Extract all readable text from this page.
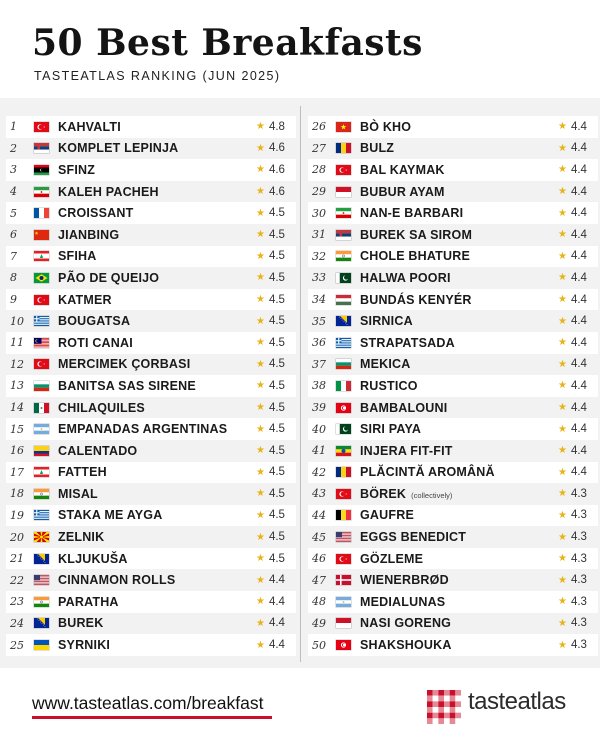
50 Best Breakfasts
TASTEATLAS RANKING (JUN 2025)
1	KAHVALTI	★ 4.8
2	KOMPLET LEPINJA	★ 4.6
3	SFINZ	★ 4.6
4	KALEH PACHEH	★ 4.6
5	CROISSANT	★ 4.5
6	JIANBING	★ 4.5
7	SFIHA	★ 4.5
8	PÃO DE QUEIJO	★ 4.5
9	KATMER	★ 4.5
10	BOUGATSA	★ 4.5
11	ROTI CANAI	★ 4.5
12	MERCIMEK ÇORBASI	★ 4.5
13	BANITSA SAS SIRENE	★ 4.5
14	CHILAQUILES	★ 4.5
15	EMPANADAS ARGENTINAS	★ 4.5
16	CALENTADO	★ 4.5
17	FATTEH	★ 4.5
18	MISAL	★ 4.5
19	STAKA ME AYGA	★ 4.5
20	ZELNIK	★ 4.5
21	KLJUKUŠA	★ 4.5
22	CINNAMON ROLLS	★ 4.4
23	PARATHA	★ 4.4
24	BUREK	★ 4.4
25	SYRNIKI	★ 4.4
26	BÒ KHO	★ 4.4
27	BULZ	★ 4.4
28	BAL KAYMAK	★ 4.4
29	BUBUR AYAM	★ 4.4
30	NAN-E BARBARI	★ 4.4
31	BUREK SA SIROM	★ 4.4
32	CHOLE BHATURE	★ 4.4
33	HALWA POORI	★ 4.4
34	BUNDÁS KENYÉR	★ 4.4
35	SIRNICA	★ 4.4
36	STRAPATSADA	★ 4.4
37	MEKICA	★ 4.4
38	RUSTICO	★ 4.4
39	BAMBALOUNI	★ 4.4
40	SIRI PAYA	★ 4.4
41	INJERA FIT-FIT	★ 4.4
42	PLĂCINTĂ AROMÂNĂ	★ 4.4
43	BÖREK (collectively)	★ 4.3
44	GAUFRE	★ 4.3
45	EGGS BENEDICT	★ 4.3
46	GÖZLEME	★ 4.3
47	WIENERBRØD	★ 4.3
48	MEDIALUNAS	★ 4.3
49	NASI GORENG	★ 4.3
50	SHAKSHOUKA	★ 4.3
www.tasteatlas.com/breakfast	tasteatlas
